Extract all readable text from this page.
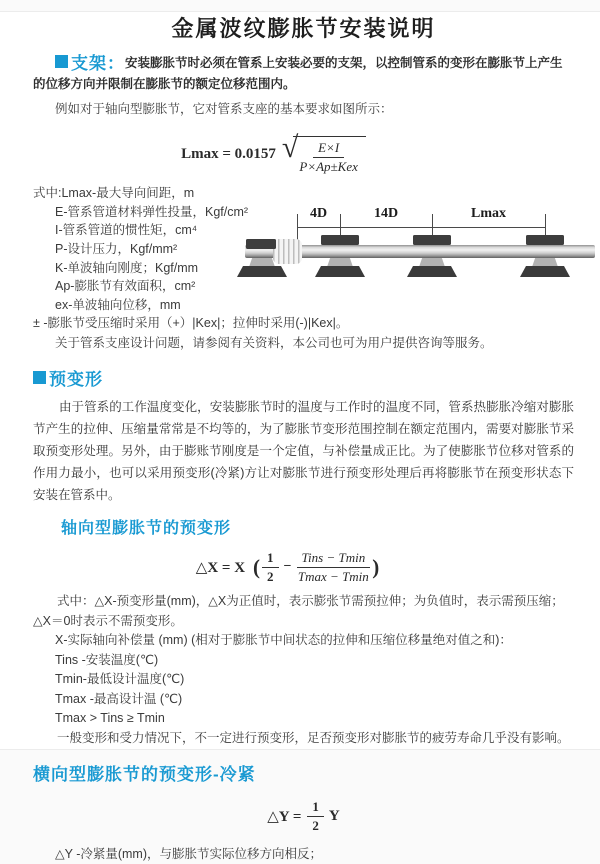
金属波纹膨胀节安装说明

支架：安装膨胀节时必须在管系上安装必要的支架，以控制管系的变形在膨胀节上产生的位移方向并限制在膨胀节的额定位移范围内。

例如对于轴向型膨胀节，它对管系支座的基本要求如图所示：

Lmax = 0.0157 √ $\frac{E\times I}{\text{P×Ap±Kex}}$
式中:Lmax-最大导向间距，m
E-管系管道材料弹性投量，Kgf/cm²
I-管系管道的惯性矩，cm⁴
P-设计压力，Kgf/mm²
K-单波轴向刚度；Kgf/mm
Ap-膨胀节有效面积，cm²
ex-单波轴向位移，mm
± -膨胀节受压缩时采用（+）|Kex|；拉伸时采用(-)|Kex|。

关于管系支座设计问题，请参阅有关资料，本公司也可为用户提供咨询等服务。

4D	14D	Lmax
预变形

由于管系的工作温度变化，安装膨胀节时的温度与工作时的温度不同，管系热膨胀冷缩对膨胀节产生的拉伸、压缩量常常是不均等的，为了膨胀节变形范围控制在额定范围内，需要对膨胀节采取预变形处理。另外，由于膨账节刚度是一个定值，与补偿量成正比。为了使膨胀节位移对管系的作用力最小，也可以采用预变形(冷紧)方让对膨胀节进行预变形处理后再将膨胀节在预变形状态下安装在管系中。

轴向型膨胀节的预变形
△X = X ( $\frac{1}{2} - \frac{\text{Tins − Tmin}}{Tmax - Tmin}$ )

式中：△X-预变形量(mm)，△X为正值时，表示膨张节需预拉伸；为负值时，表示需预压缩；△X＝0时表示不需预变形。

X-实际轴向补偿量 (mm) (相对于膨胀节中间状态的拉伸和压缩位移量绝对值之和)：

Tins -安装温度(℃)

Tmin-最低设计温度(℃)

Tmax -最高设计温 (℃)

Tmax > Tins ≥ Tmin

一般变形和受力情况下，不一定进行预变形，足否预变形对膨胀节的疲劳寿命几乎没有影响。

横向型膨胀节的预变形-冷紧
△Y = $\frac{1}{2}$ Y

△Y -冷紧量(mm)，与膨胀节实际位移方向相反；
